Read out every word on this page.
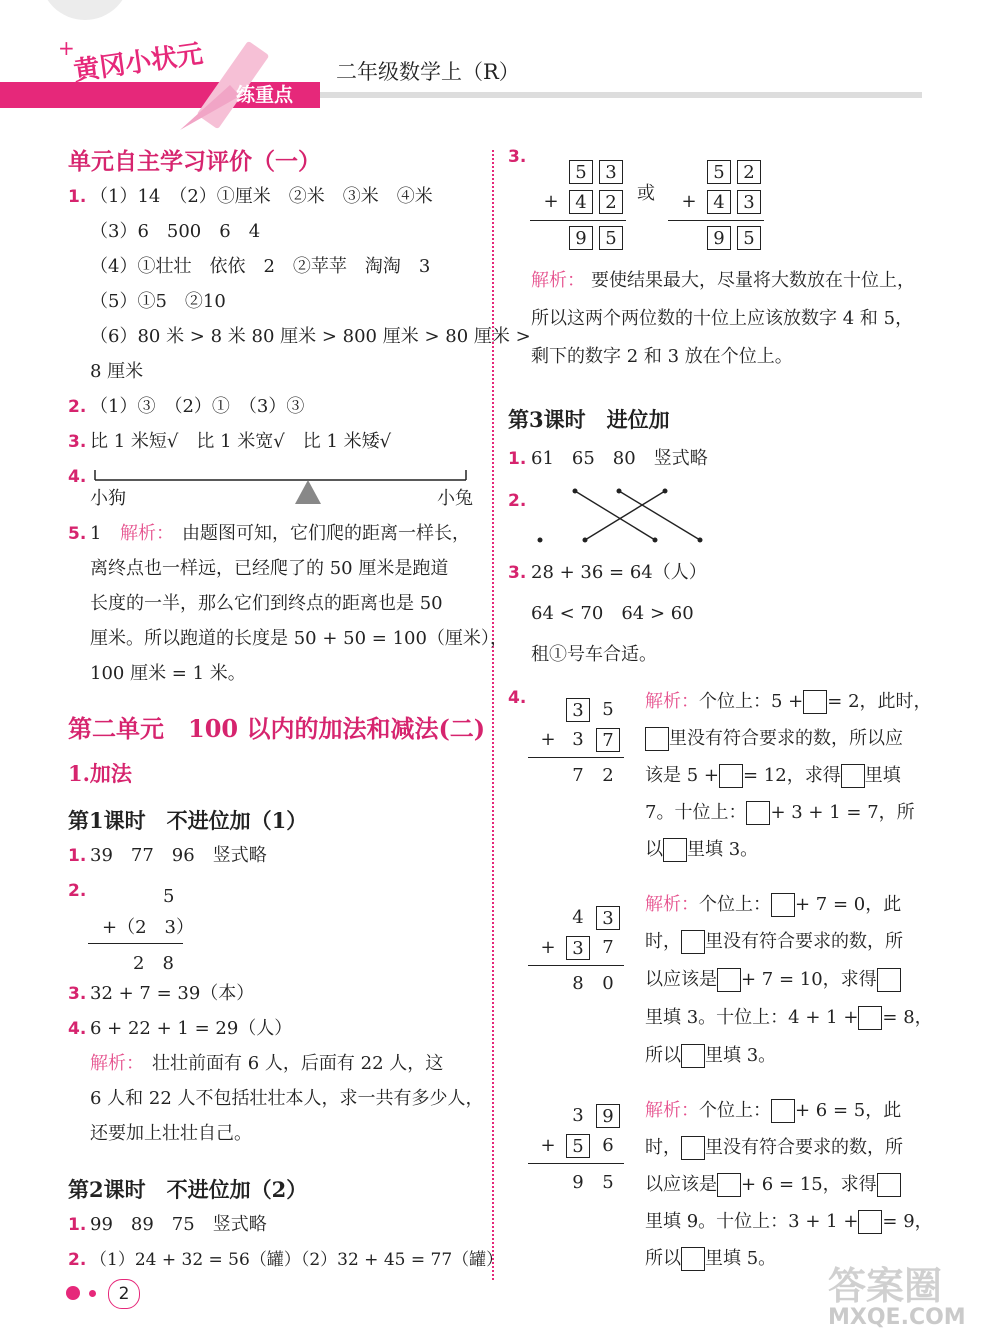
黄冈小状元
+
练重点
二年级数学上（R）
单元自主学习评价（一）
1. （1）14　（2）①厘米　②米　③米　④米
（3）6　500　6　4
（4）①壮壮　依依　2　②苹苹　淘淘　3
（5）①5　②10
（6）80 米 > 8 米 80 厘米 > 800 厘米 > 80 厘米 >
8 厘米
2. （1）③　（2）①　（3）③
3. 比 1 米短√　比 1 米宽√　比 1 米矮√
4.
小狗	小兔
5. 1 解析： 由题图可知，它们爬的距离一样长，
离终点也一样远，已经爬了的 50 厘米是跑道
长度的一半，那么它们到终点的距离也是 50
厘米。所以跑道的长度是 50 + 50 = 100（厘米），
100 厘米 = 1 米。
第二单元　100 以内的加法和减法(二)
1.加法
第1课时　不进位加（1）
1. 39　77　96　竖式略
2.	5
+（2　3）
2　8
3. 32 + 7 = 39（本）
4. 6 + 22 + 1 = 29（人）
解析： 壮壮前面有 6 人，后面有 22 人，这
6 人和 22 人不包括壮壮本人，求一共有多少人，
还要加上壮壮自己。
第2课时　不进位加（2）
1. 99　89　75　竖式略
2. （1）24 + 32 = 56（罐）（2）32 + 45 = 77（罐）
2
3.
5	3
+ 4	2
9	5
或
5	2
+ 4	3
9	5
解析： 要使结果最大，尽量将大数放在十位上，
所以这两个两位数的十位上应该放数字 4 和 5，
剩下的数字 2 和 3 放在个位上。
第3课时　进位加
1. 61　65　80　竖式略
2.
3. 28 + 36 = 64（人）
64 < 70　64 > 60
租①号车合适。
4.
3	5
+ 3	7
7	2
解析：个位上：5 + = 2，此时，
里没有符合要求的数，所以应
该是 5 + = 12，求得 里填
7。十位上： + 3 + 1 = 7，所
以 里填 3。
4	3
+ 3	7
8	0
解析：个位上： + 7 = 0，此
时， 里没有符合要求的数，所
以应该是 + 7 = 10，求得
里填 3。十位上：4 + 1 + = 8，
所以 里填 3。
3	9
+ 5	6
9	5
解析：个位上： + 6 = 5，此
时， 里没有符合要求的数，所
以应该是 + 6 = 15，求得
里填 9。十位上：3 + 1 + = 9，
所以 里填 5。
答案圈
MXQE.COM
